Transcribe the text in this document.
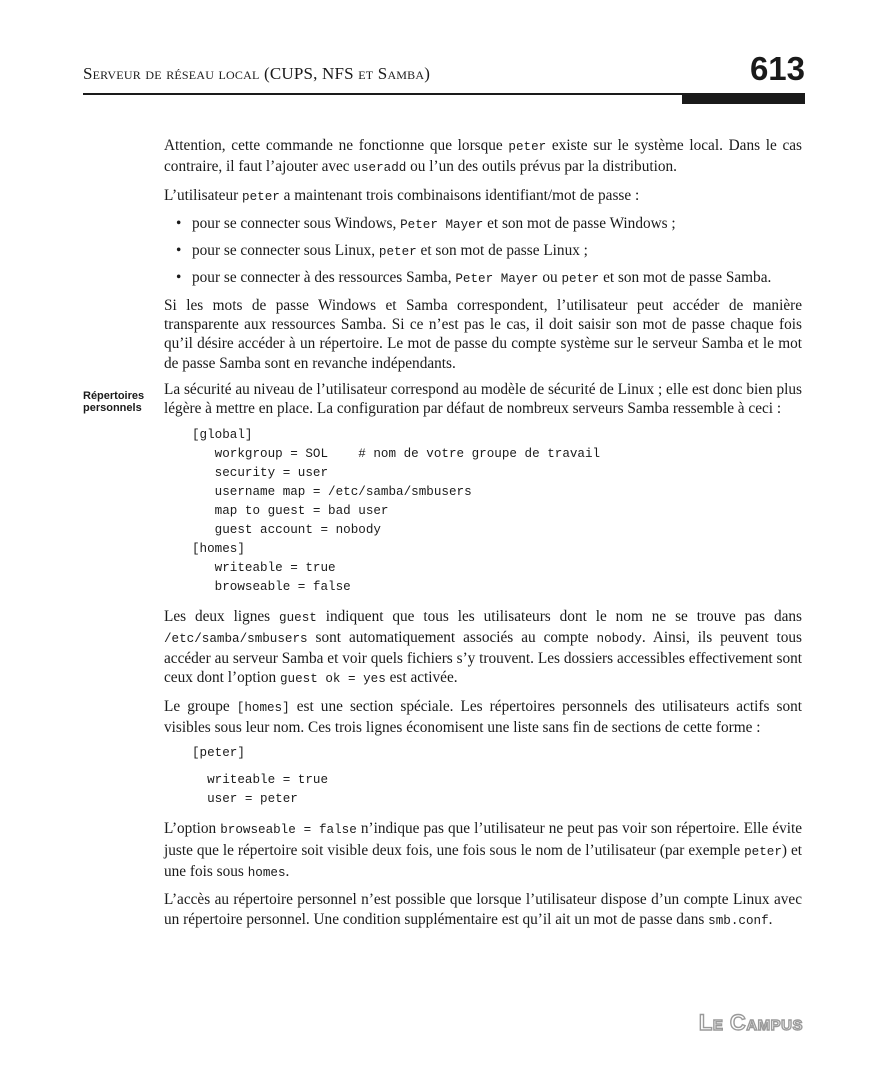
Serveur de réseau local (CUPS, NFS et Samba)	613
Répertoires
personnels

Attention, cette commande ne fonctionne que lorsque peter existe sur le système local. Dans le cas contraire, il faut l’ajouter avec useradd ou l’un des outils prévus par la distribution.

L’utilisateur peter a maintenant trois combinaisons identifiant/mot de passe :

• pour se connecter sous Windows, Peter Mayer et son mot de passe Windows ;
• pour se connecter sous Linux, peter et son mot de passe Linux ;
• pour se connecter à des ressources Samba, Peter Mayer ou peter et son mot de passe Samba.

Si les mots de passe Windows et Samba correspondent, l’utilisateur peut accéder de manière transparente aux ressources Samba. Si ce n’est pas le cas, il doit saisir son mot de passe chaque fois qu’il désire accéder à un répertoire. Le mot de passe du compte système sur le serveur Samba et le mot de passe Samba sont en revanche indépendants.

La sécurité au niveau de l’utilisateur correspond au modèle de sécurité de Linux ; elle est donc bien plus légère à mettre en place. La configuration par défaut de nombreux serveurs Samba ressemble à ceci :

[global]
workgroup = SOL    # nom de votre groupe de travail
security = user
username map = /etc/samba/smbusers
map to guest = bad user
guest account = nobody
[homes]
writeable = true
browseable = false

Les deux lignes guest indiquent que tous les utilisateurs dont le nom ne se trouve pas dans /etc/samba/smbusers sont automatiquement associés au compte nobody. Ainsi, ils peuvent tous accéder au serveur Samba et voir quels fichiers s’y trouvent. Les dossiers accessibles effectivement sont ceux dont l’option guest ok = yes est activée.

Le groupe [homes] est une section spéciale. Les répertoires personnels des utilisateurs actifs sont visibles sous leur nom. Ces trois lignes économisent une liste sans fin de sections de cette forme :

[peter]
writeable = true
user = peter

L’option browseable = false n’indique pas que l’utilisateur ne peut pas voir son répertoire. Elle évite juste que le répertoire soit visible deux fois, une fois sous le nom de l’utilisateur (par exemple peter) et une fois sous homes.

L’accès au répertoire personnel n’est possible que lorsque l’utilisateur dispose d’un compte Linux avec un répertoire personnel. Une condition supplémentaire est qu’il ait un mot de passe dans smb.conf.

Le Campus
